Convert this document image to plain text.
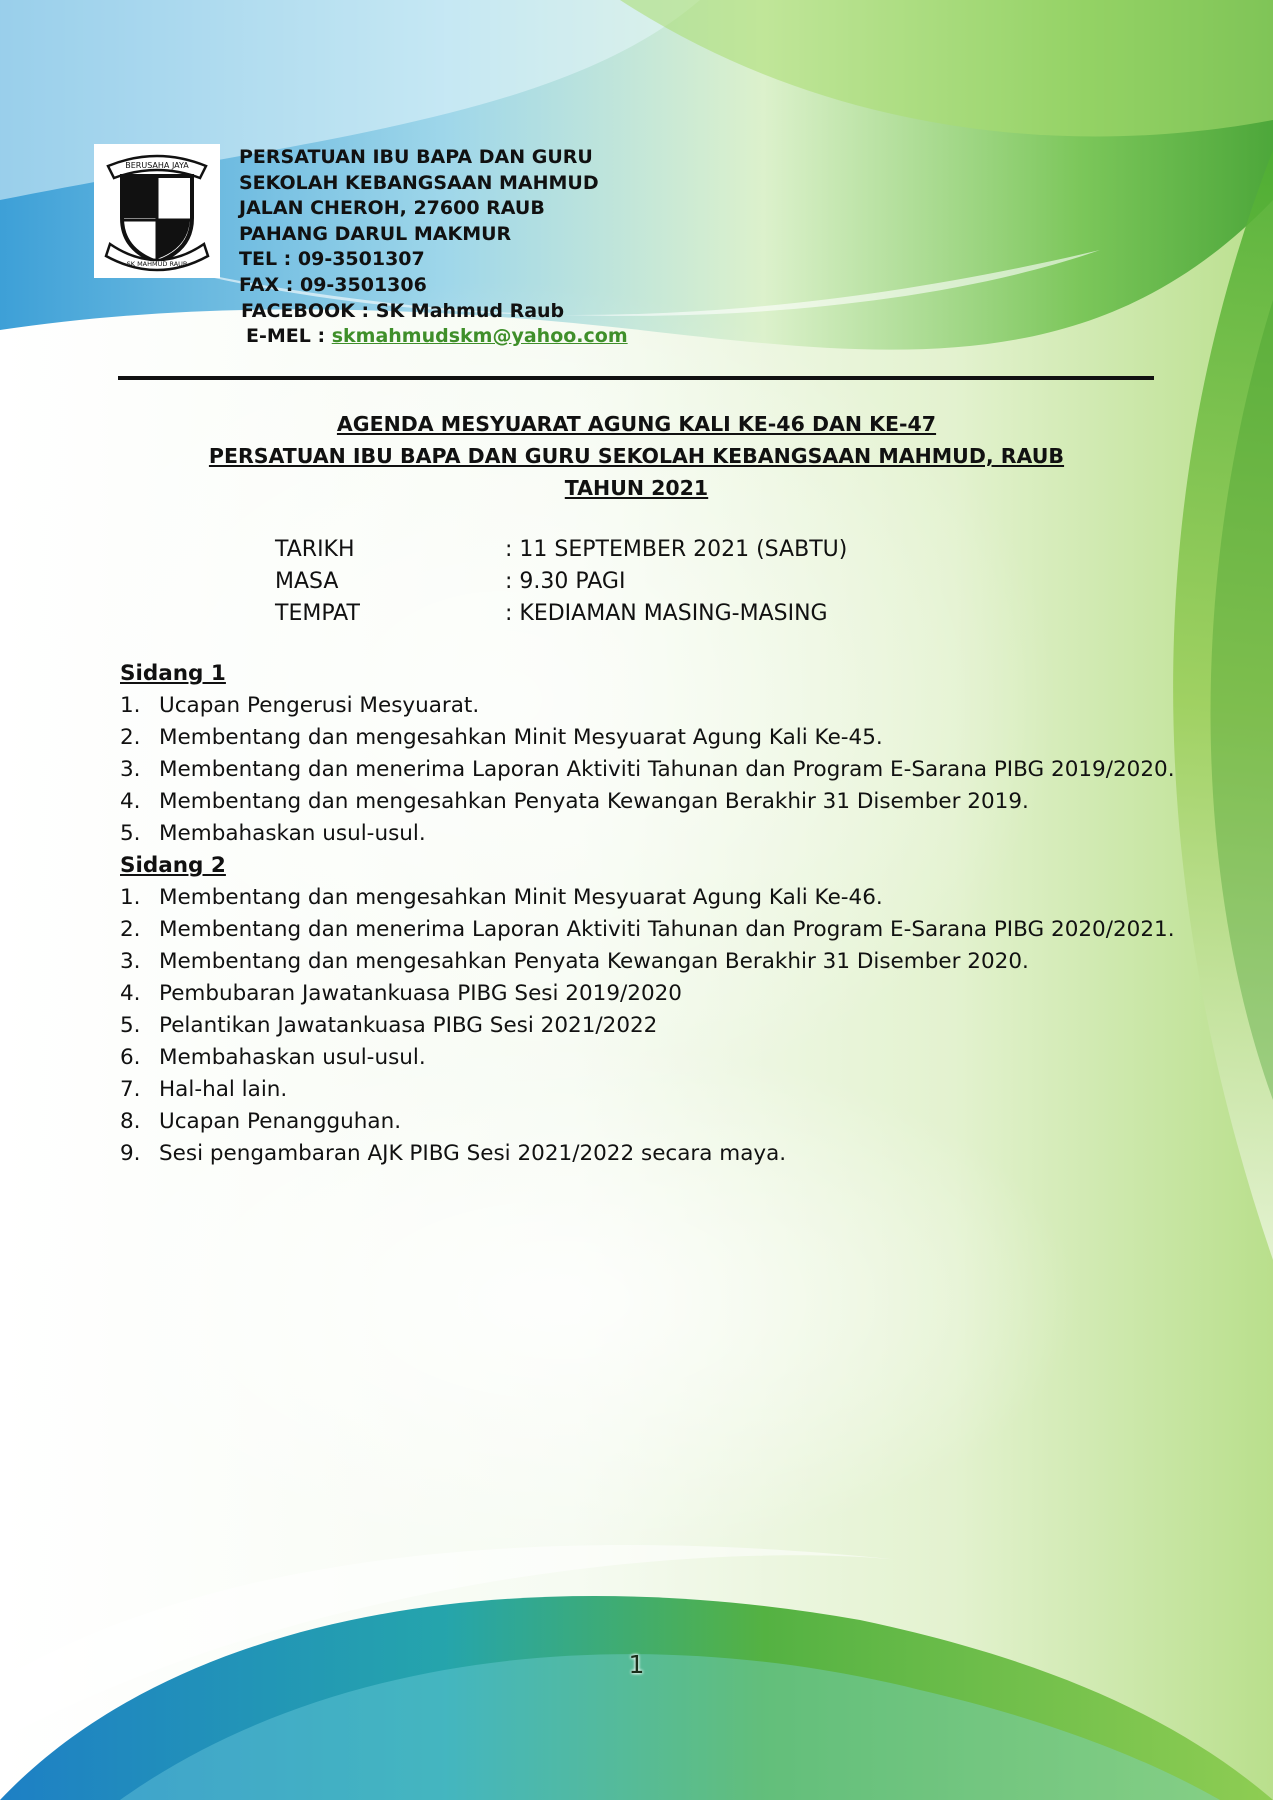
BERUSAHA JAYA
SK MAHMUD RAUB
PERSATUAN IBU BAPA DAN GURU
SEKOLAH KEBANGSAAN MAHMUD
JALAN CHEROH, 27600 RAUB
PAHANG DARUL MAKMUR
TEL : 09-3501307
FAX : 09-3501306
FACEBOOK : SK Mahmud Raub
E-MEL : skmahmudskm@yahoo.com
AGENDA MESYUARAT AGUNG KALI KE-46 DAN KE-47
PERSATUAN IBU BAPA DAN GURU SEKOLAH KEBANGSAAN MAHMUD, RAUB
TAHUN 2021
TARIKH	: 11 SEPTEMBER 2021 (SABTU)
MASA	: 9.30 PAGI
TEMPAT	: KEDIAMAN MASING-MASING
Sidang 1
1. Ucapan Pengerusi Mesyuarat.
2. Membentang dan mengesahkan Minit Mesyuarat Agung Kali Ke-45.
3. Membentang dan menerima Laporan Aktiviti Tahunan dan Program E-Sarana PIBG 2019/2020.
4. Membentang dan mengesahkan Penyata Kewangan Berakhir 31 Disember 2019.
5. Membahaskan usul-usul.
Sidang 2
1. Membentang dan mengesahkan Minit Mesyuarat Agung Kali Ke-46.
2. Membentang dan menerima Laporan Aktiviti Tahunan dan Program E-Sarana PIBG 2020/2021.
3. Membentang dan mengesahkan Penyata Kewangan Berakhir 31 Disember 2020.
4. Pembubaran Jawatankuasa PIBG Sesi 2019/2020
5. Pelantikan Jawatankuasa PIBG Sesi 2021/2022
6. Membahaskan usul-usul.
7. Hal-hal lain.
8. Ucapan Penangguhan.
9. Sesi pengambaran AJK PIBG Sesi 2021/2022 secara maya.
1
